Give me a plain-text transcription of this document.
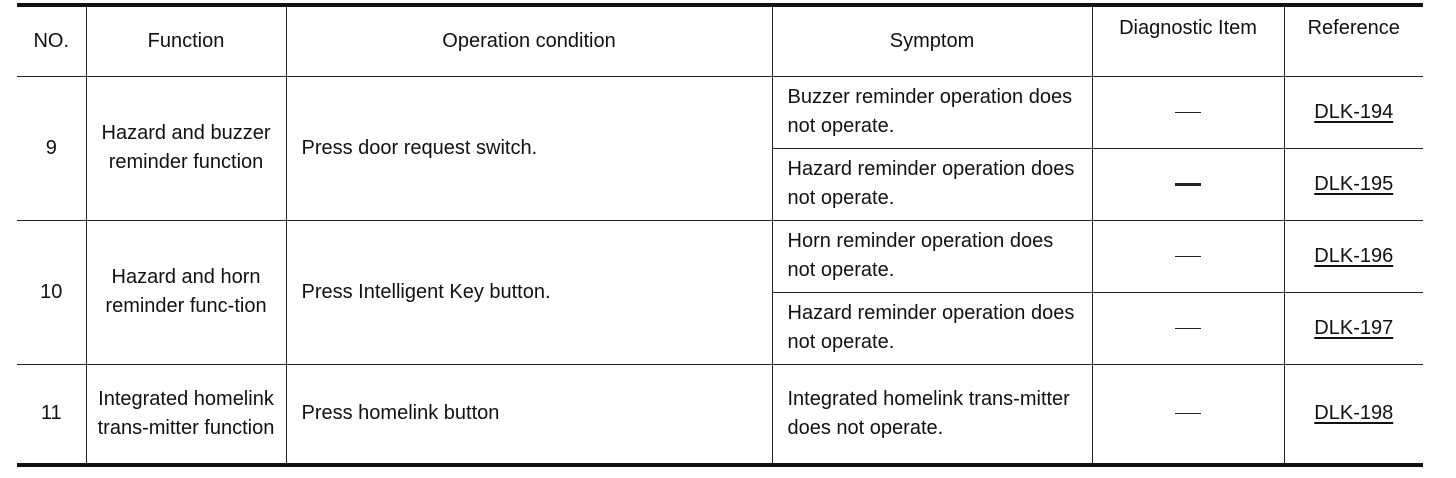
NO.	Function	Operation condition	Symptom	Diagnostic Item	Reference
9	Hazard and buzzer reminder function	Press door request switch.	Buzzer reminder operation does not operate.		DLK-194
			Hazard reminder operation does not operate.		DLK-195
10	Hazard and horn reminder func-tion	Press Intelligent Key button.	Horn reminder operation does not operate.		DLK-196
			Hazard reminder operation does not operate.		DLK-197
11	Integrated homelink trans-mitter function	Press homelink button	Integrated homelink trans-mitter does not operate.		DLK-198
